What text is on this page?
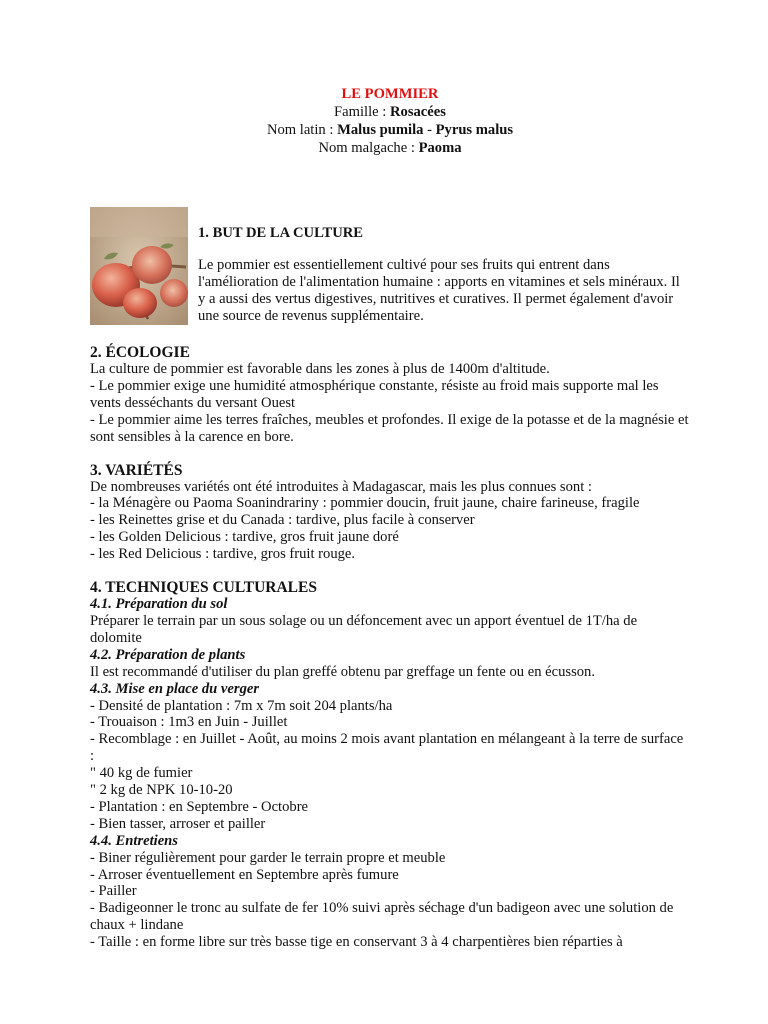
LE POMMIER
Famille : Rosacées
Nom latin : Malus pumila - Pyrus malus
Nom malgache : Paoma
1. BUT DE LA CULTURE
Le pommier est essentiellement cultivé pour ses fruits qui entrent dans l'amélioration de l'alimentation humaine : apports en vitamines et sels minéraux. Il y a aussi des vertus digestives, nutritives et curatives. Il permet également d'avoir une source de revenus supplémentaire.
2. ÉCOLOGIE
La culture de pommier est favorable dans les zones à plus de 1400m d'altitude.
- Le pommier exige une humidité atmosphérique constante, résiste au froid mais supporte mal les vents desséchants du versant Ouest
- Le pommier aime les terres fraîches, meubles et profondes. Il exige de la potasse et de la magnésie et sont sensibles à la carence en bore.
3. VARIÉTÉS
De nombreuses variétés ont été introduites à Madagascar, mais les plus connues sont :
- la Ménagère ou Paoma Soanindrariny : pommier doucin, fruit jaune, chaire farineuse, fragile
- les Reinettes grise et du Canada : tardive, plus facile à conserver
- les Golden Delicious : tardive, gros fruit jaune doré
- les Red Delicious : tardive, gros fruit rouge.
4. TECHNIQUES CULTURALES
4.1. Préparation du sol
Préparer le terrain par un sous solage ou un défoncement avec un apport éventuel de 1T/ha de dolomite
4.2. Préparation de plants
Il est recommandé d'utiliser du plan greffé obtenu par greffage un fente ou en écusson.
4.3. Mise en place du verger
- Densité de plantation : 7m x 7m soit 204 plants/ha
- Trouaison : 1m3 en Juin - Juillet
- Recomblage : en Juillet - Août, au moins 2 mois avant plantation en mélangeant à la terre de surface :
" 40 kg de fumier
" 2 kg de NPK 10-10-20
- Plantation : en Septembre - Octobre
- Bien tasser, arroser et pailler
4.4. Entretiens
- Biner régulièrement pour garder le terrain propre et meuble
- Arroser éventuellement en Septembre après fumure
- Pailler
- Badigeonner le tronc au sulfate de fer 10% suivi après séchage d'un badigeon avec une solution de chaux + lindane
- Taille : en forme libre sur très basse tige en conservant 3 à 4 charpentières bien réparties à
